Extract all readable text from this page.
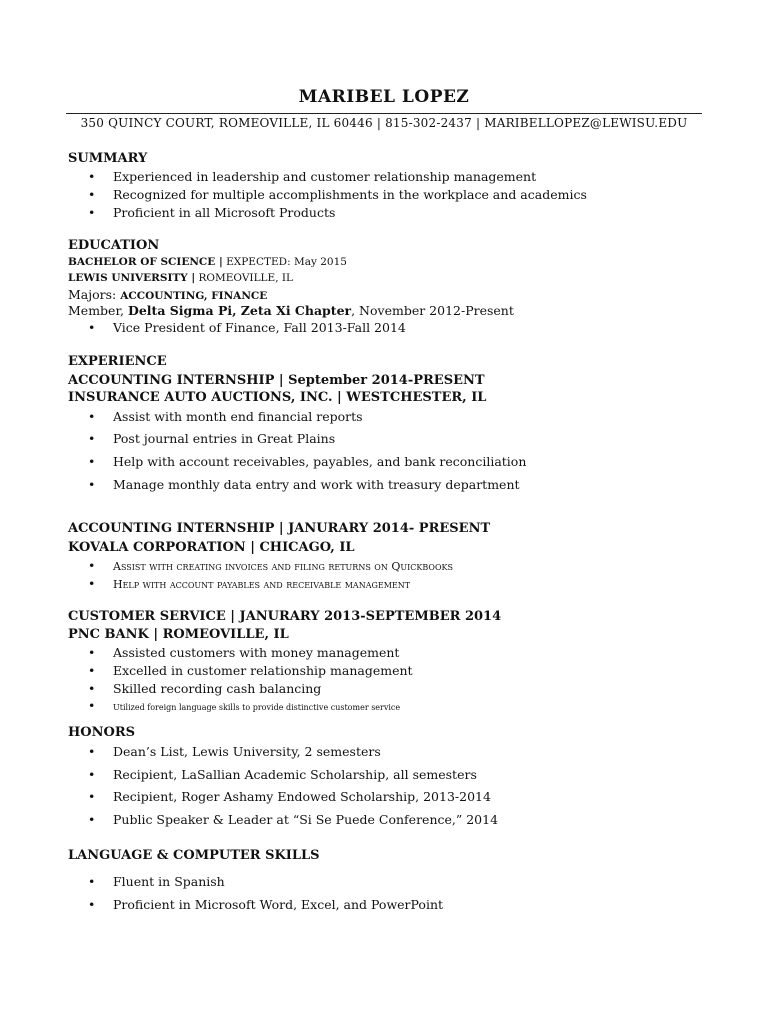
MARIBEL LOPEZ
350 QUINCY COURT, ROMEOVILLE, IL 60446 | 815-302-2437 | MARIBELLOPEZ@LEWISU.EDU
SUMMARY
• Experienced in leadership and customer relationship management
• Recognized for multiple accomplishments in the workplace and academics
• Proficient in all Microsoft Products
EDUCATION
BACHELOR OF SCIENCE | EXPECTED: May 2015
LEWIS UNIVERSITY | ROMEOVILLE, IL
Majors: ACCOUNTING, FINANCE
Member, Delta Sigma Pi, Zeta Xi Chapter, November 2012-Present
• Vice President of Finance, Fall 2013-Fall 2014
EXPERIENCE
ACCOUNTING INTERNSHIP | September 2014-PRESENT
INSURANCE AUTO AUCTIONS, INC. | WESTCHESTER, IL
• Assist with month end financial reports
• Post journal entries in Great Plains
• Help with account receivables, payables, and bank reconciliation
• Manage monthly data entry and work with treasury department
ACCOUNTING INTERNSHIP | JANURARY 2014- PRESENT
KOVALA CORPORATION | CHICAGO, IL
• Assist with creating invoices and filing returns on Quickbooks
• Help with account payables and receivable management
CUSTOMER SERVICE | JANURARY 2013-SEPTEMBER 2014
PNC BANK | ROMEOVILLE, IL
• Assisted customers with money management
• Excelled in customer relationship management
• Skilled recording cash balancing
• Utilized foreign language skills to provide distinctive customer service
HONORS
• Dean’s List, Lewis University, 2 semesters
• Recipient, LaSallian Academic Scholarship, all semesters
• Recipient, Roger Ashamy Endowed Scholarship, 2013-2014
• Public Speaker & Leader at “Si Se Puede Conference,” 2014
LANGUAGE & COMPUTER SKILLS
• Fluent in Spanish
• Proficient in Microsoft Word, Excel, and PowerPoint
